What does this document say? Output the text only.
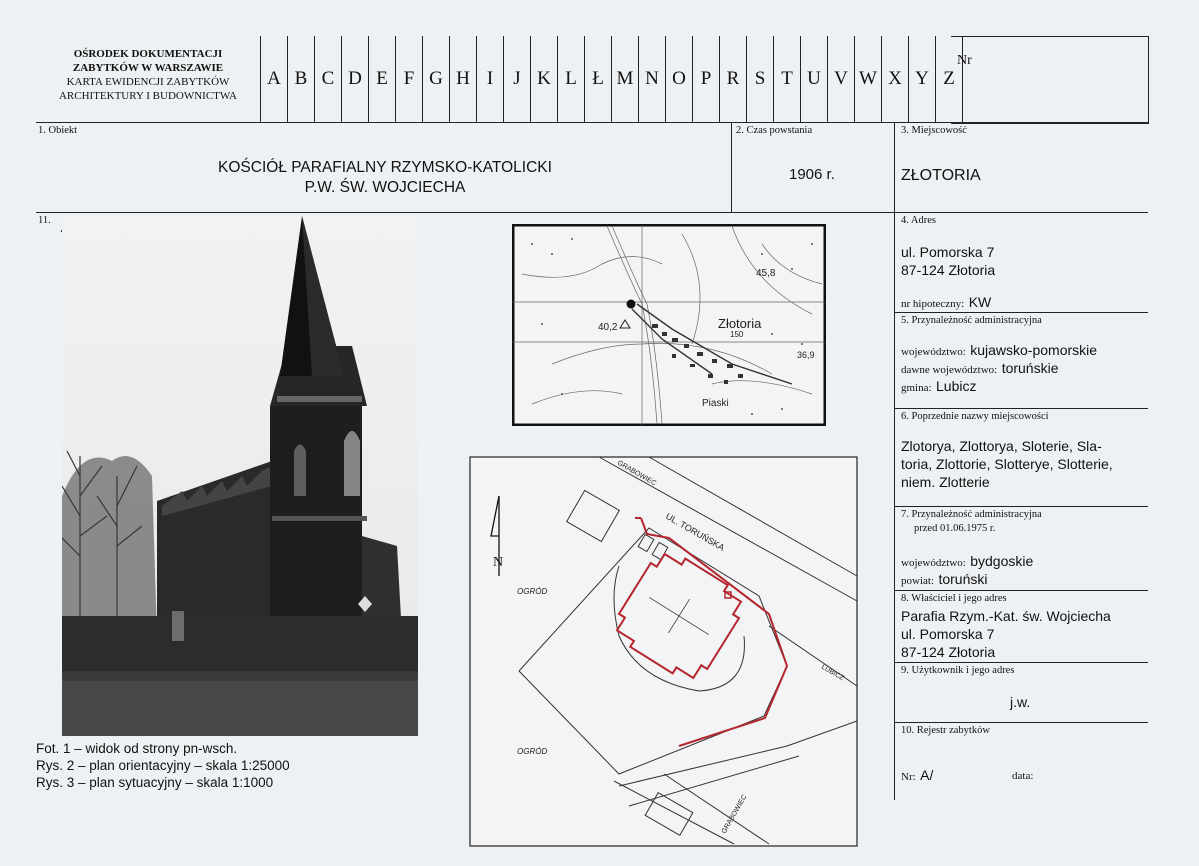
OŚRODEK DOKUMENTACJI
ZABYTKÓW W WARSZAWIE
KARTA EWIDENCJI ZABYTKÓW
ARCHITEKTURY I BUDOWNICTWA
A B C D E F G H I	J K L Ł M N O P R S T U V W X Y Z
Nr
1. Obiekt
KOŚCIÓŁ PARAFIALNY RZYMSKO-KATOLICKI
P.W. ŚW. WOJCIECHA
2. Czas powstania
1906 r.
3. Miejscowość
ZŁOTORIA
11.
Fot. 1 – widok od strony pn-wsch.
Rys. 2 – plan orientacyjny – skala 1:25000
Rys. 3 – plan sytuacyjny – skala 1:1000
45,8
40,2	Złotoria
150
36,9
Piaski
N
UL. TORUŃSKA
GRABOWIEC
LUBICZ
GRABOWIEC
OGRÓD
OGRÓD
4. Adres
ul. Pomorska 7
87-124 Złotoria
nr hipoteczny: KW
5. Przynależność administracyjna
województwo: kujawsko-pomorskie
dawne województwo: toruńskie
gmina: Lubicz
6. Poprzednie nazwy miejscowości
Zlotorya, Zlottorya, Sloterie, Sla-
toria, Zlottorie, Slotterye, Slotterie,
niem. Zlotterie
7. Przynależność administracyjna
przed 01.06.1975 r.
województwo: bydgoskie
powiat: toruński
8. Właściciel i jego adres
Parafia Rzym.-Kat. św. Wojciecha
ul. Pomorska 7
87-124 Złotoria
9. Użytkownik i jego adres
j.w.
10. Rejestr zabytków
Nr: A/	data:
